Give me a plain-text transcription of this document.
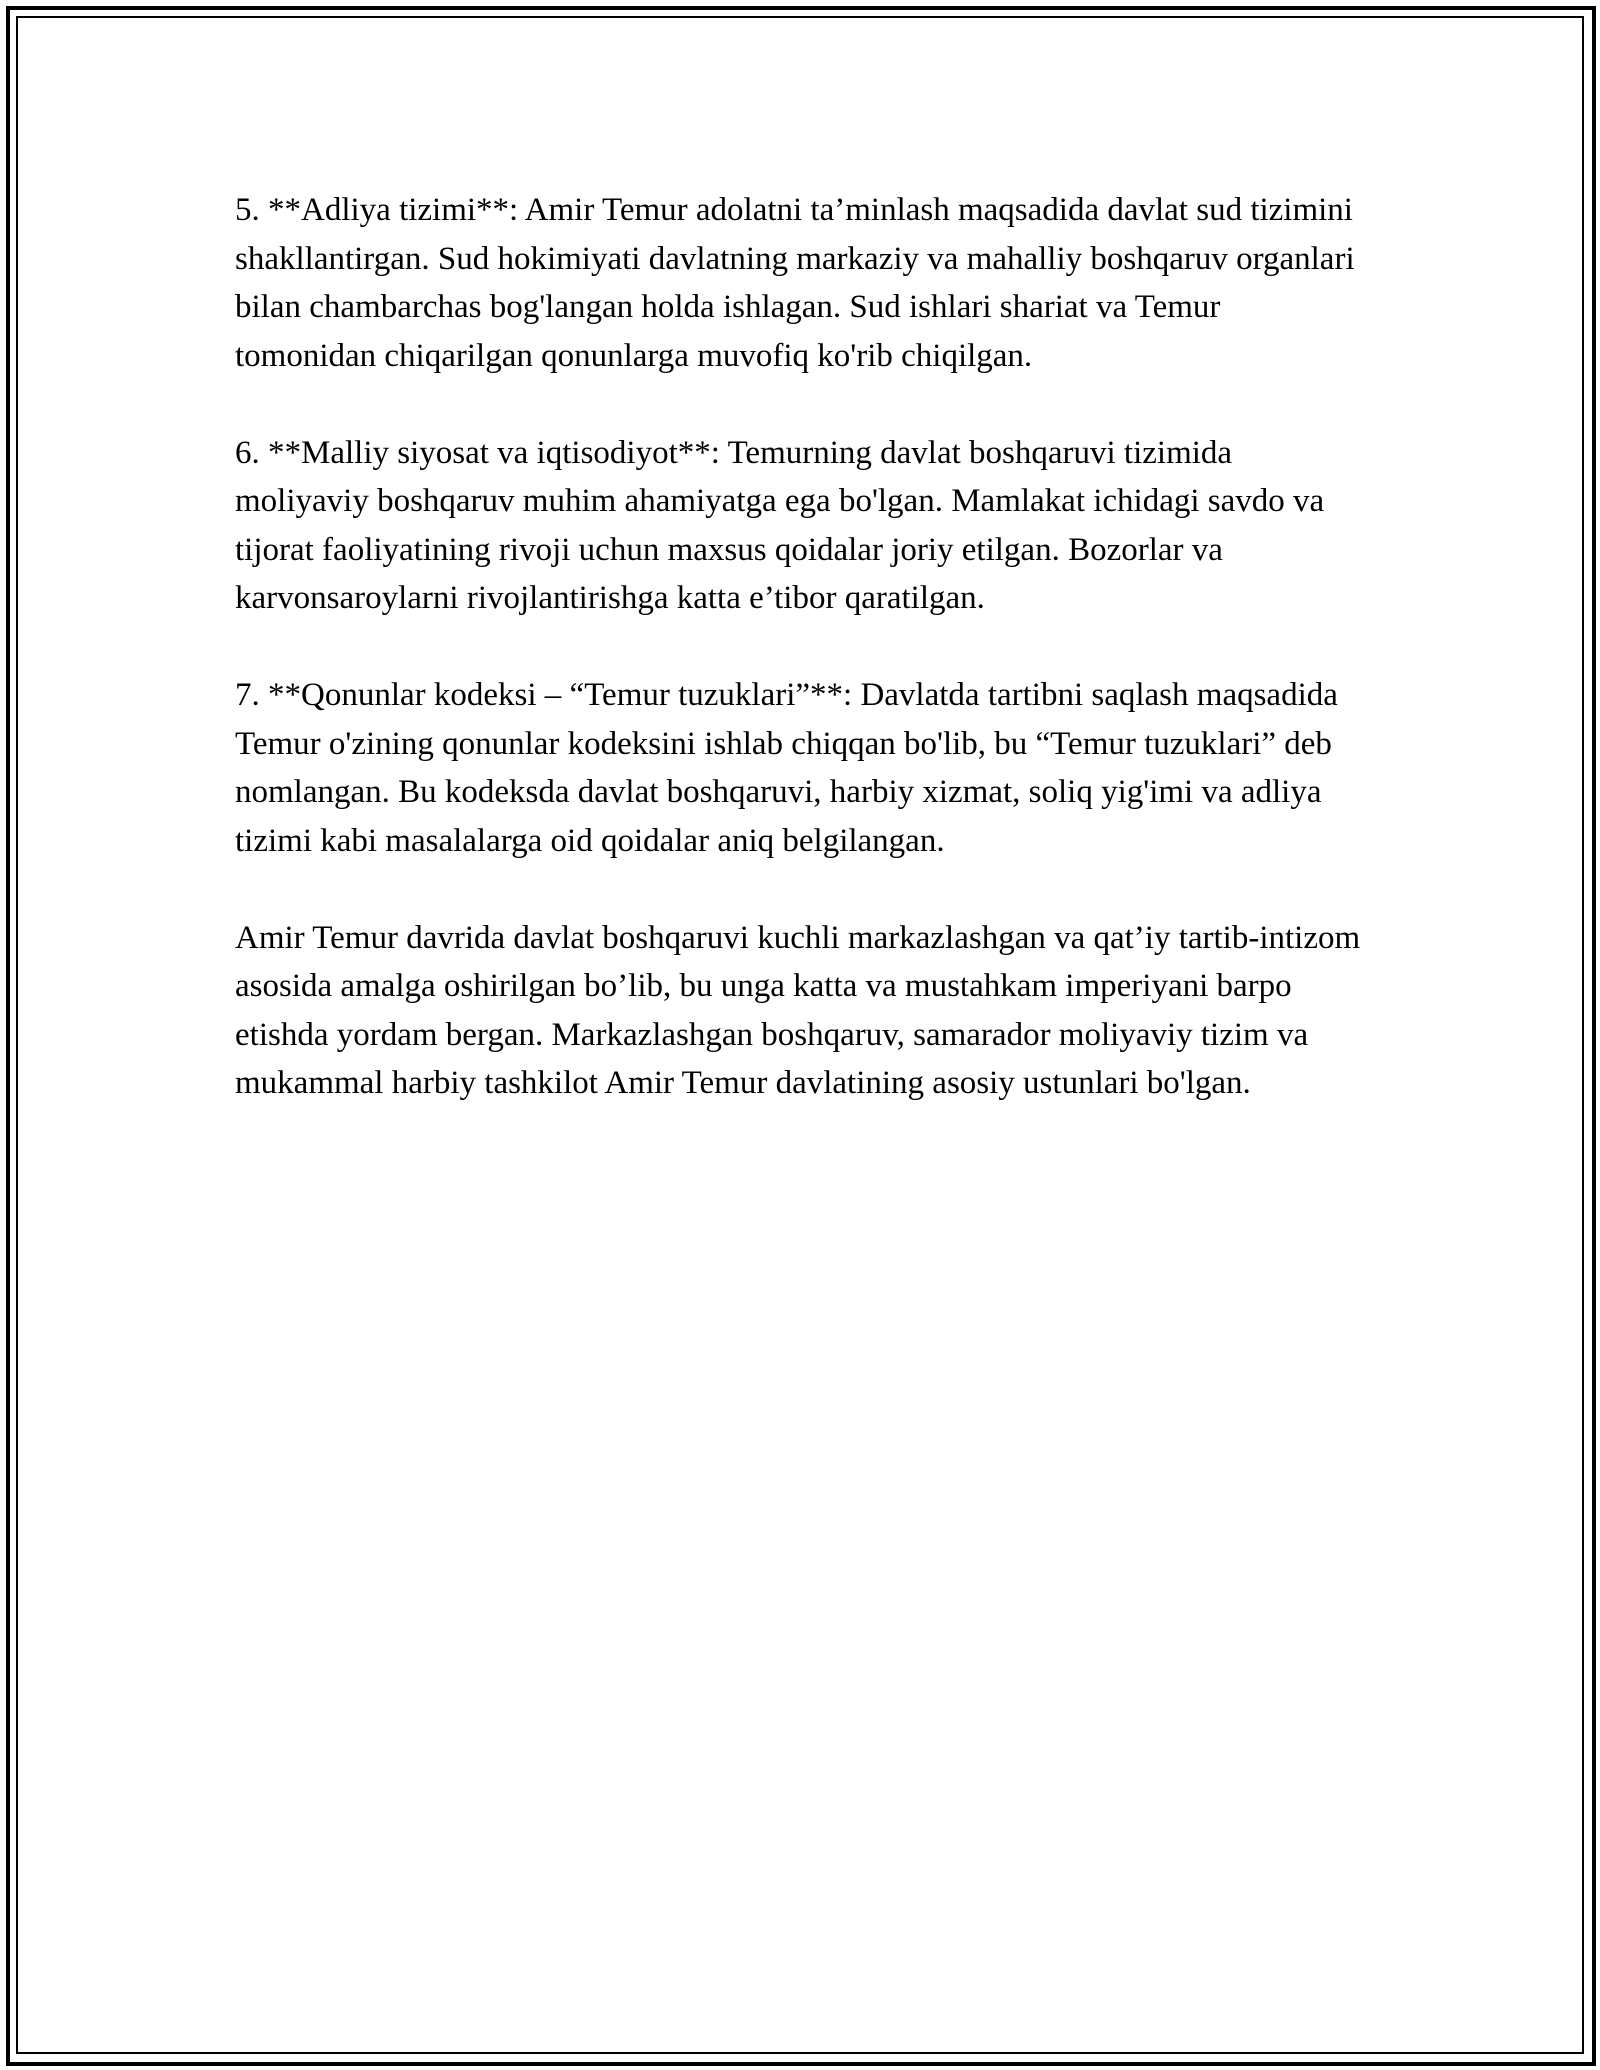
5. **Adliya tizimi**: Amir Temur adolatni ta’minlash maqsadida davlat sud tizimini shakllantirgan. Sud hokimiyati davlatning markaziy va mahalliy boshqaruv organlari bilan chambarchas bog'langan holda ishlagan. Sud ishlari shariat va Temur tomonidan chiqarilgan qonunlarga muvofiq ko'rib chiqilgan.

6. **Malliy siyosat va iqtisodiyot**: Temurning davlat boshqaruvi tizimida moliyaviy boshqaruv muhim ahamiyatga ega bo'lgan. Mamlakat ichidagi savdo va tijorat faoliyatining rivoji uchun maxsus qoidalar joriy etilgan. Bozorlar va karvonsaroylarni rivojlantirishga katta e’tibor qaratilgan.

7. **Qonunlar kodeksi – “Temur tuzuklari”**: Davlatda tartibni saqlash maqsadida Temur o'zining qonunlar kodeksini ishlab chiqqan bo'lib, bu “Temur tuzuklari” deb nomlangan. Bu kodeksda davlat boshqaruvi, harbiy xizmat, soliq yig'imi va adliya tizimi kabi masalalarga oid qoidalar aniq belgilangan.

Amir Temur davrida davlat boshqaruvi kuchli markazlashgan va qat’iy tartib-intizom asosida amalga oshirilgan bo’lib, bu unga katta va mustahkam imperiyani barpo etishda yordam bergan. Markazlashgan boshqaruv, samarador moliyaviy tizim va mukammal harbiy tashkilot Amir Temur davlatining asosiy ustunlari bo'lgan.
